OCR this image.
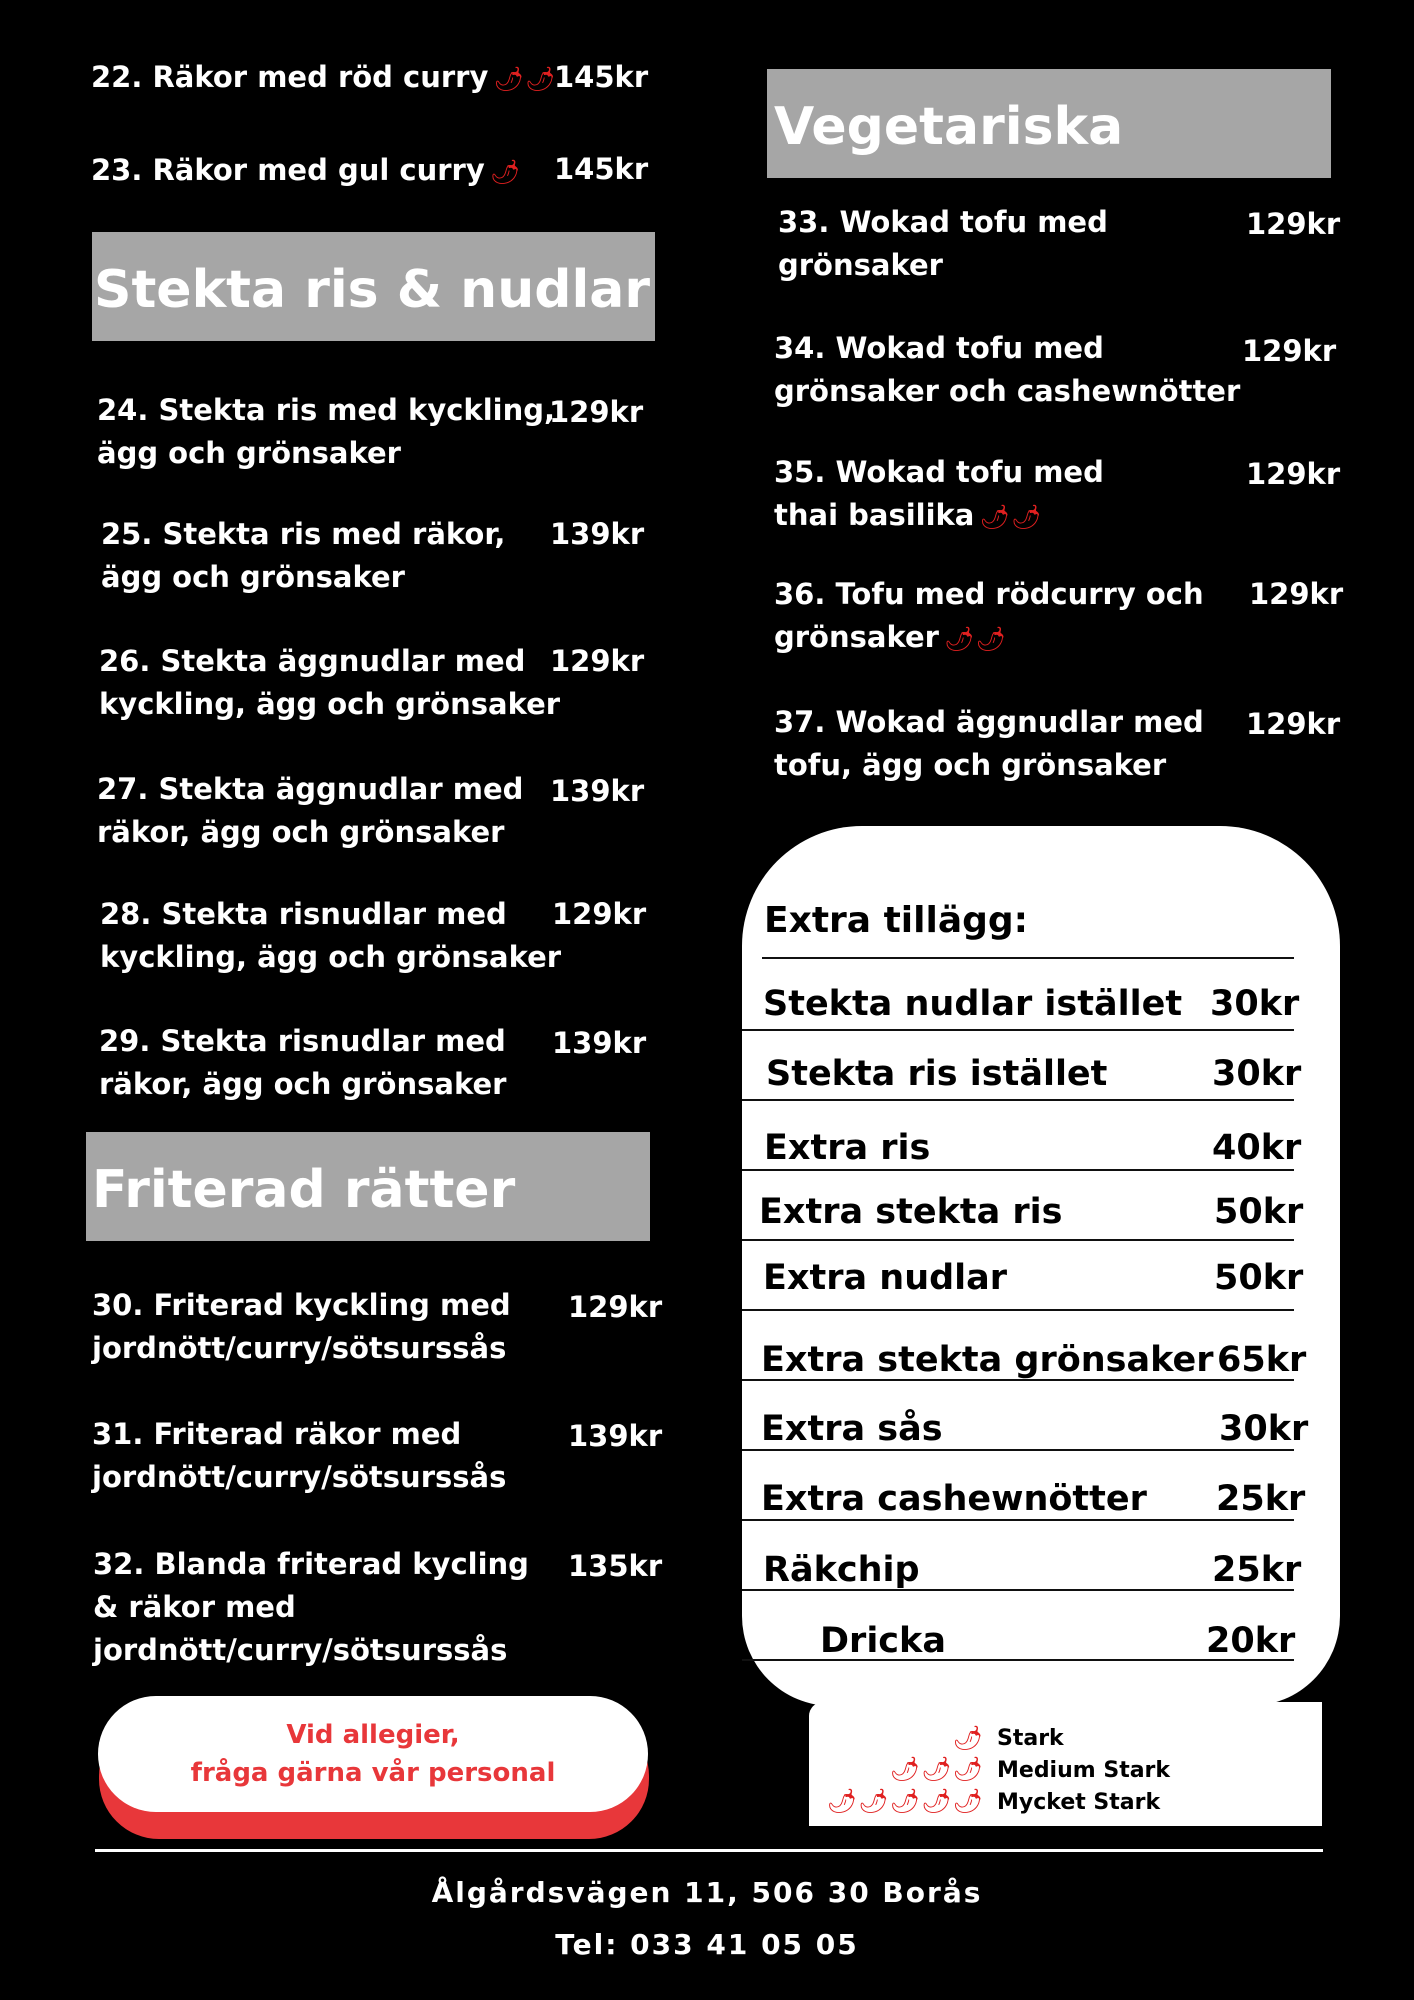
22. Räkor med röd curry 🌶🌶
145kr
23. Räkor med gul curry 🌶 145kr
Stekta ris & nudlar
24. Stekta ris med kyckling,
ägg och grönsaker
129kr
25. Stekta ris med räkor,
ägg och grönsaker
139kr
26. Stekta äggnudlar med
kyckling, ägg och grönsaker
129kr
27. Stekta äggnudlar med
räkor, ägg och grönsaker
139kr
28. Stekta risnudlar med
kyckling, ägg och grönsaker
129kr
29. Stekta risnudlar med
räkor, ägg och grönsaker
139kr
Friterad rätter
30. Friterad kyckling med
jordnött/curry/sötsurssås
129kr
31. Friterad räkor med
jordnött/curry/sötsurssås
139kr
32. Blanda friterad kycling
& räkor med
jordnött/curry/sötsurssås
135kr
Vid allegier,
fråga gärna vår personal
Vegetariska
33. Wokad tofu med
grönsaker
129kr
34. Wokad tofu med
grönsaker och cashewnötter
129kr
35. Wokad tofu med
thai basilika 🌶🌶
129kr
36. Tofu med rödcurry och
grönsaker 🌶🌶
129kr
37. Wokad äggnudlar med
tofu, ägg och grönsaker
129kr
Extra tillägg:
Stekta nudlar istället 30kr
Stekta ris istället	30kr
Extra ris	40kr
Extra stekta ris	50kr
Extra nudlar	50kr
Extra stekta grönsaker 65kr
Extra sås	30kr
Extra cashewnötter 25kr
Räkchip	25kr
Dricka	20kr
🌶 Stark
🌶🌶🌶 Medium Stark
🌶🌶🌶🌶🌶 Mycket Stark
Ålgårdsvägen 11, 506 30 Borås
Tel: 033 41 05 05
